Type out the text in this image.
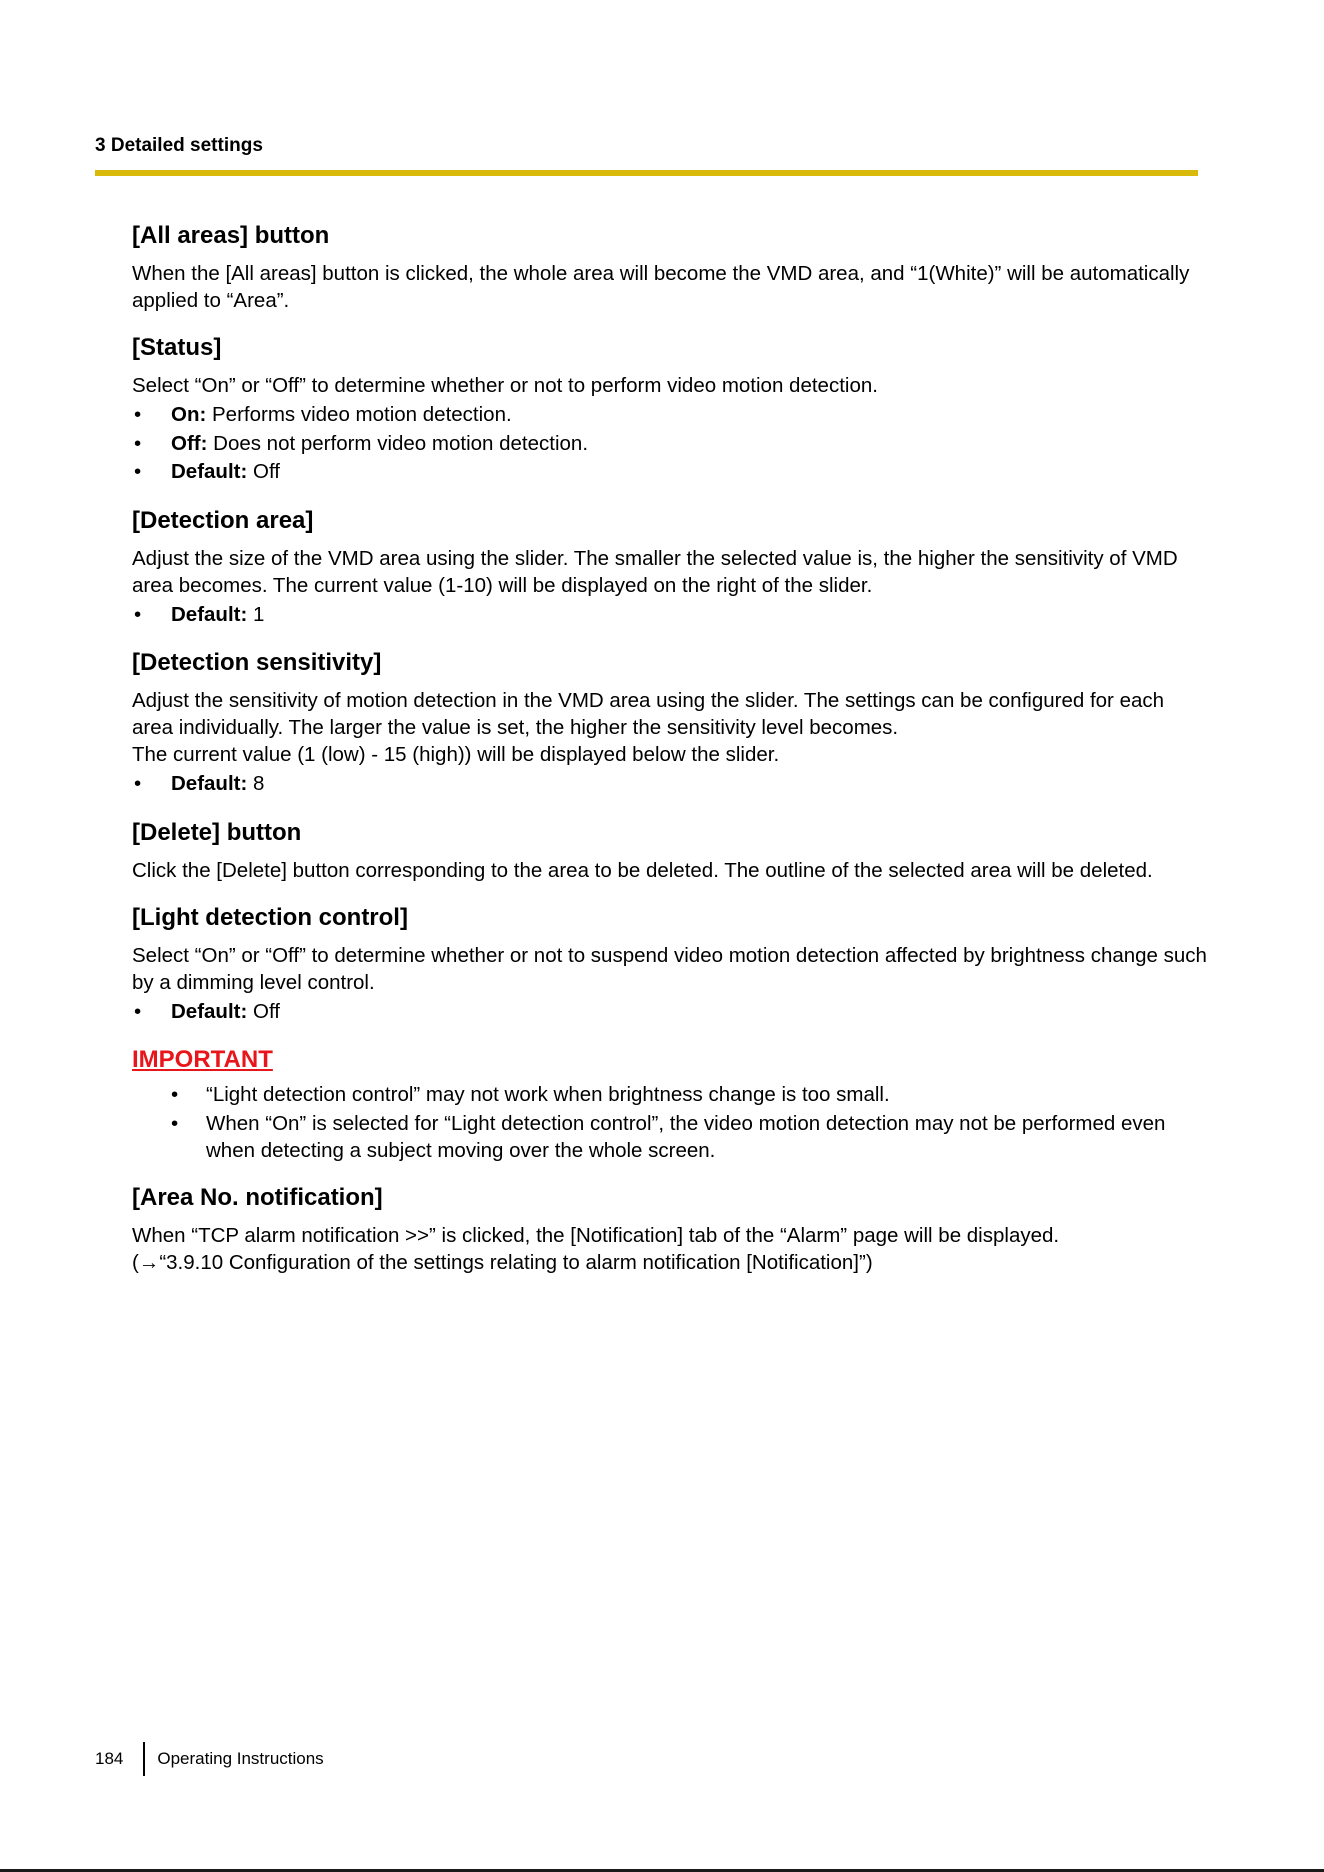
3 Detailed settings
[All areas] button

When the [All areas] button is clicked, the whole area will become the VMD area, and “1(White)” will be automatically applied to “Area”.

[Status]

Select “On” or “Off” to determine whether or not to perform video motion detection.

• On: Performs video motion detection.
• Off: Does not perform video motion detection.
• Default: Off
[Detection area]

Adjust the size of the VMD area using the slider. The smaller the selected value is, the higher the sensitivity of VMD area becomes. The current value (1-10) will be displayed on the right of the slider.

• Default: 1
[Detection sensitivity]

Adjust the sensitivity of motion detection in the VMD area using the slider. The settings can be configured for each area individually. The larger the value is set, the higher the sensitivity level becomes.

The current value (1 (low) - 15 (high)) will be displayed below the slider.

• Default: 8
[Delete] button

Click the [Delete] button corresponding to the area to be deleted. The outline of the selected area will be deleted.

[Light detection control]

Select “On” or “Off” to determine whether or not to suspend video motion detection affected by brightness change such by a dimming level control.

• Default: Off
IMPORTANT
• “Light detection control” may not work when brightness change is too small.
• When “On” is selected for “Light detection control”, the video motion detection may not be performed even when detecting a subject moving over the whole screen.
[Area No. notification]

When “TCP alarm notification >>” is clicked, the [Notification] tab of the “Alarm” page will be displayed.

(→“3.9.10 Configuration of the settings relating to alarm notification [Notification]”)

184 Operating Instructions
